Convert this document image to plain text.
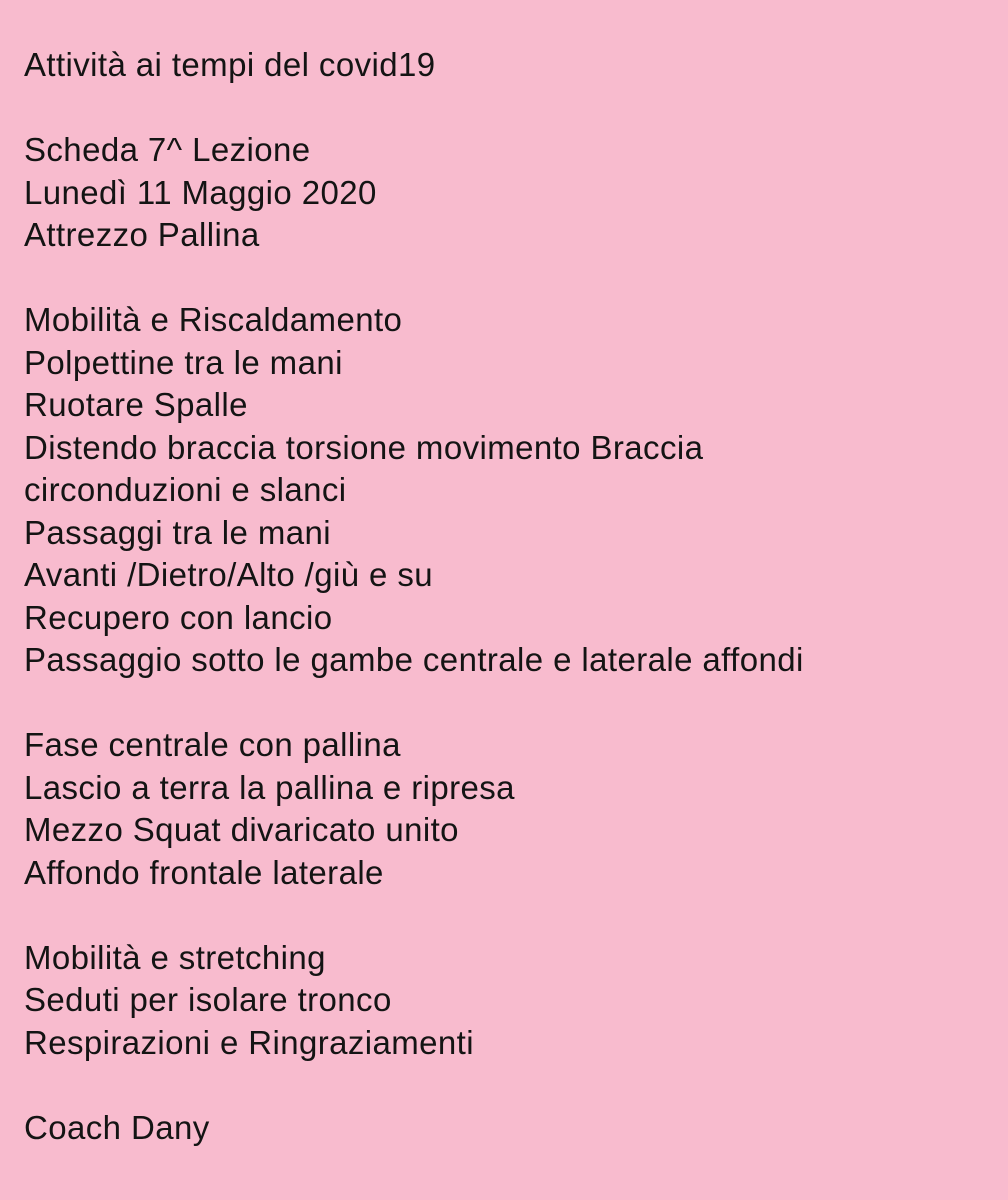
Attività ai tempi del covid19
Scheda 7^ Lezione
Lunedì 11 Maggio 2020
Attrezzo Pallina
Mobilità e Riscaldamento
Polpettine tra le mani
Ruotare Spalle
Distendo braccia torsione movimento Braccia
circonduzioni e slanci
Passaggi tra le mani
Avanti /Dietro/Alto /giù e su
Recupero con lancio
Passaggio sotto le gambe centrale e laterale affondi
Fase centrale con pallina
Lascio a terra la pallina e ripresa
Mezzo Squat divaricato unito
Affondo frontale laterale
Mobilità e stretching
Seduti per isolare tronco
Respirazioni e Ringraziamenti
Coach Dany
